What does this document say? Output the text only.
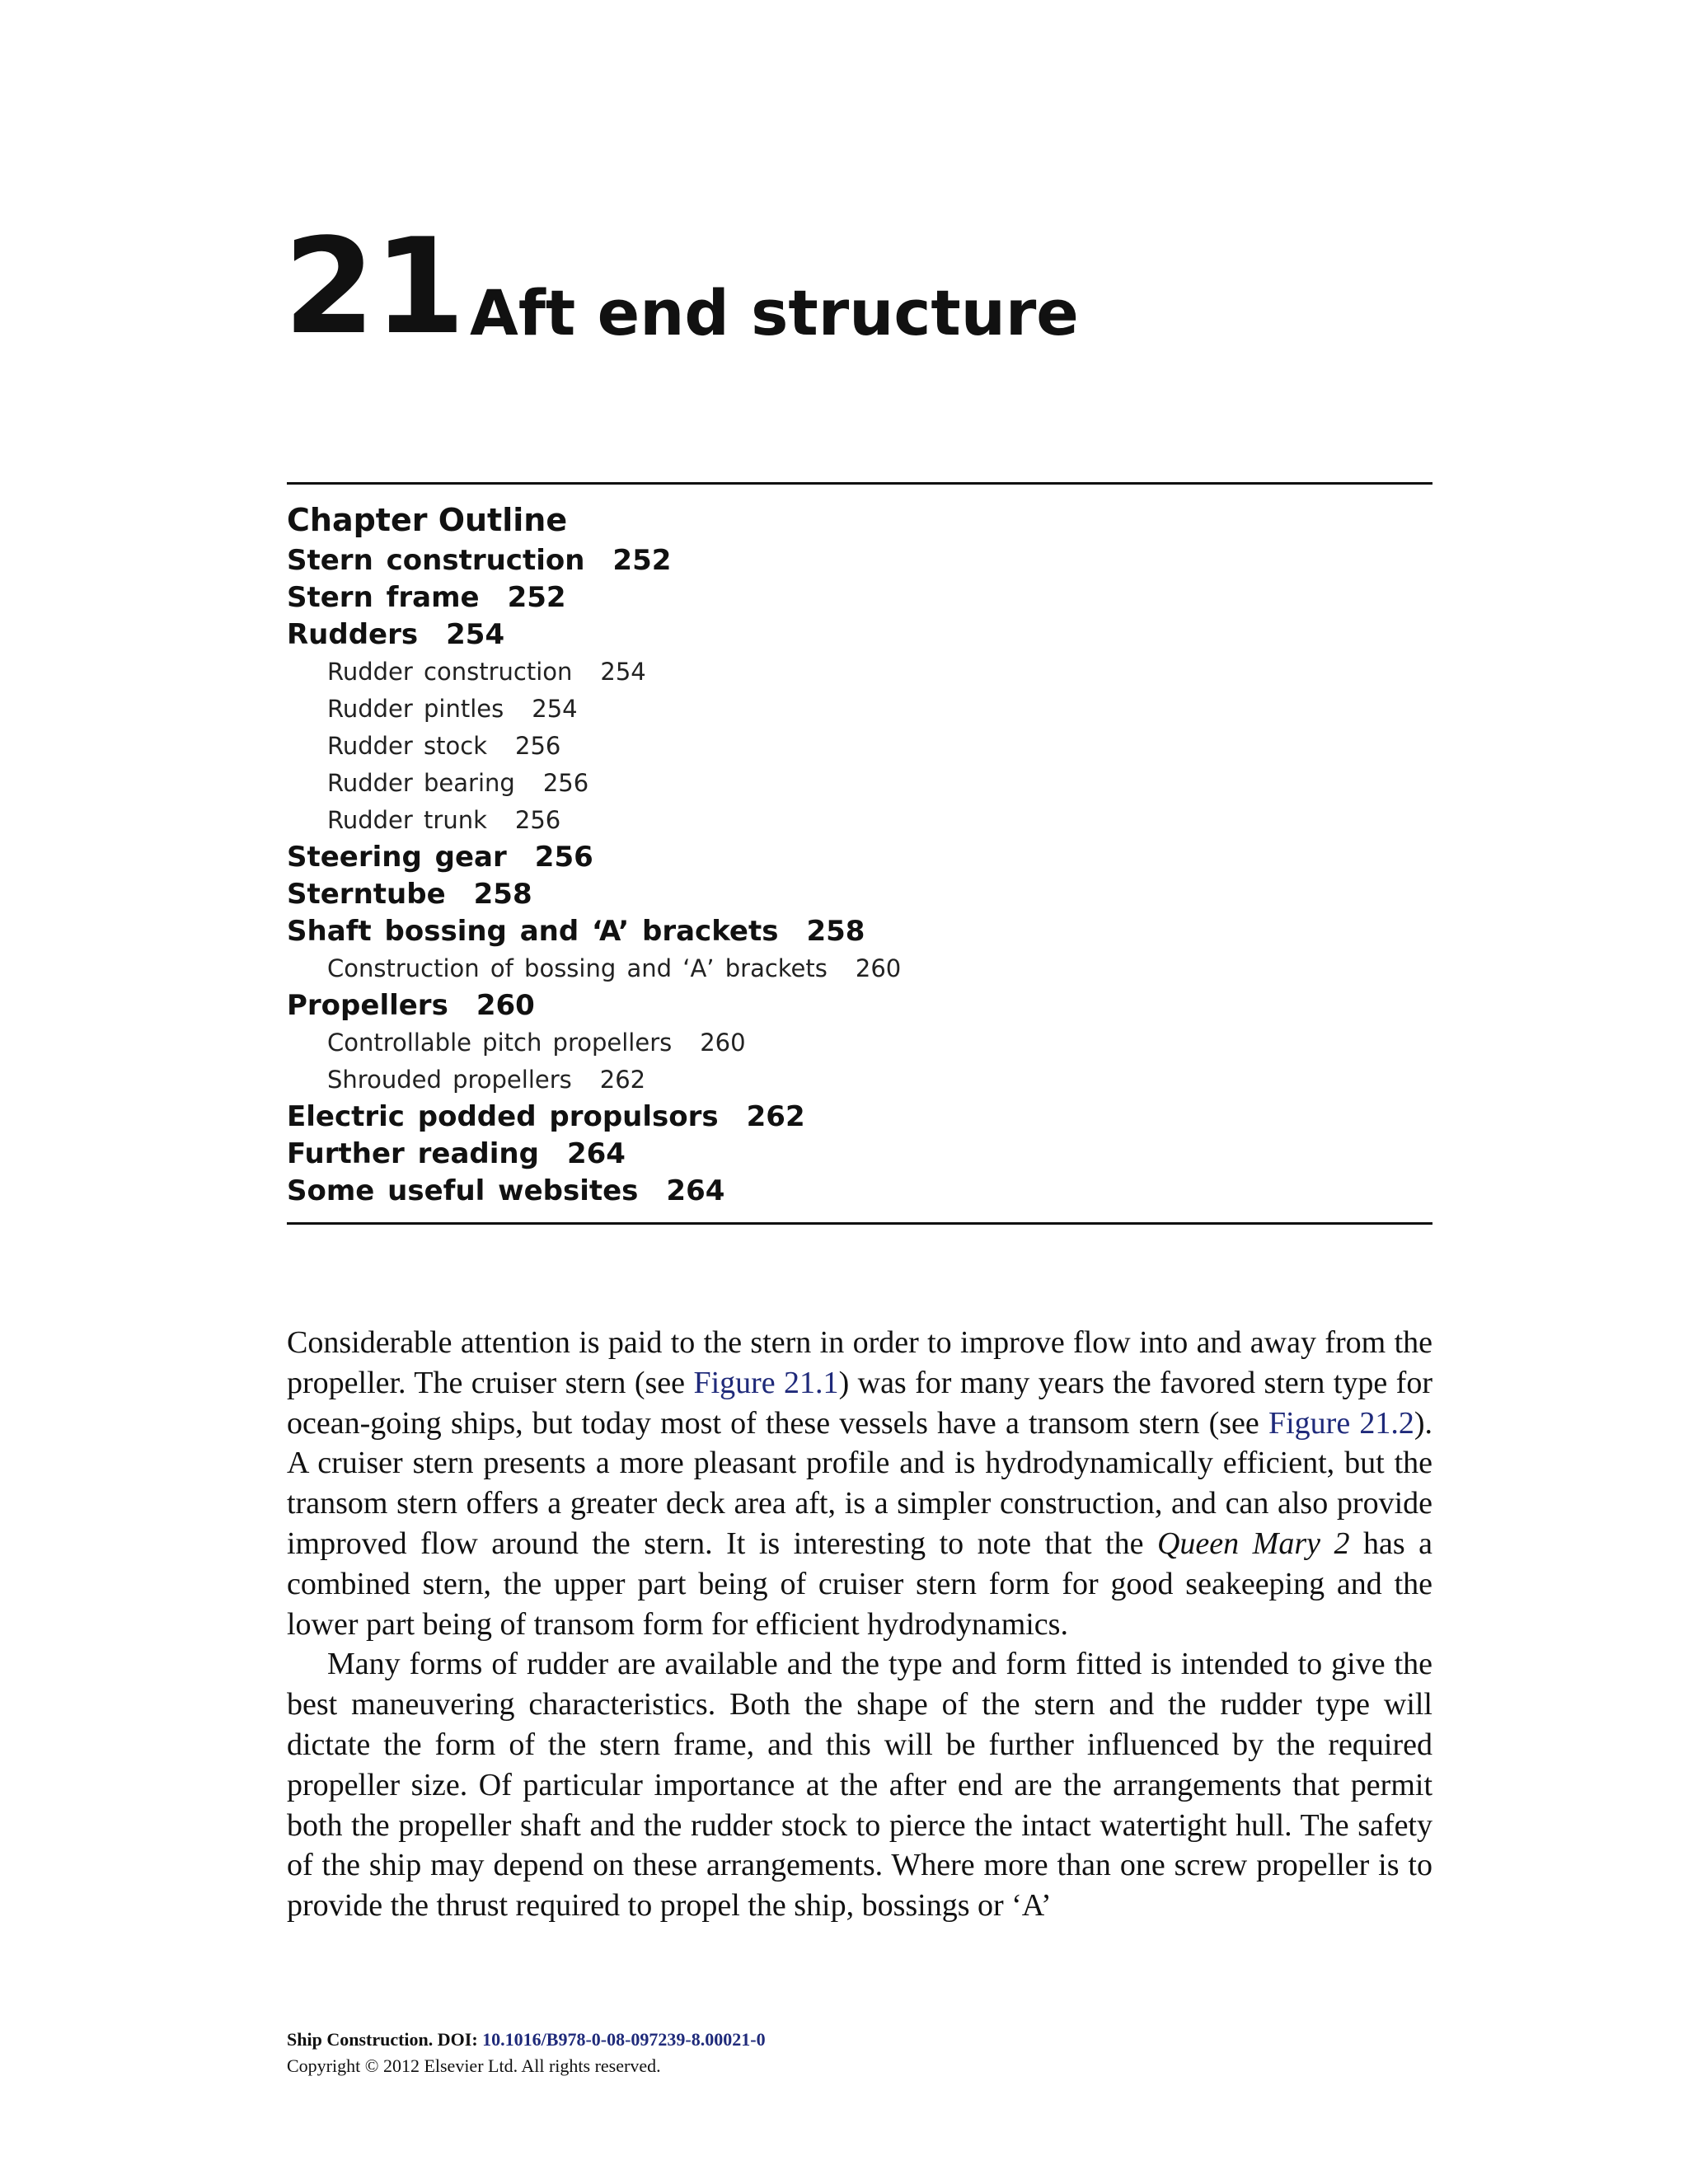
21 Aft end structure
Chapter Outline
Stern construction 252
Stern frame 252
Rudders 254
Rudder construction 254
Rudder pintles 254
Rudder stock 256
Rudder bearing 256
Rudder trunk 256
Steering gear 256
Sterntube 258
Shaft bossing and ‘A’ brackets 258
Construction of bossing and ‘A’ brackets 260
Propellers 260
Controllable pitch propellers 260
Shrouded propellers 262
Electric podded propulsors 262
Further reading 264
Some useful websites 264

Considerable attention is paid to the stern in order to improve flow into and away from the propeller. The cruiser stern (see Figure 21.1) was for many years the favored stern type for ocean-going ships, but today most of these vessels have a transom stern (see Figure 21.2). A cruiser stern presents a more pleasant profile and is hydrodynamically efficient, but the transom stern offers a greater deck area aft, is a simpler construction, and can also provide improved flow around the stern. It is interesting to note that the Queen Mary 2 has a combined stern, the upper part being of cruiser stern form for good seakeeping and the lower part being of transom form for efficient hydrodynamics.

Many forms of rudder are available and the type and form fitted is intended to give the best maneuvering characteristics. Both the shape of the stern and the rudder type will dictate the form of the stern frame, and this will be further influenced by the required propeller size. Of particular importance at the after end are the arrangements that permit both the propeller shaft and the rudder stock to pierce the intact watertight hull. The safety of the ship may depend on these arrangements. Where more than one screw propeller is to provide the thrust required to propel the ship, bossings or ‘A’

Ship Construction. DOI: 10.1016/B978-0-08-097239-8.00021-0
Copyright © 2012 Elsevier Ltd. All rights reserved.
